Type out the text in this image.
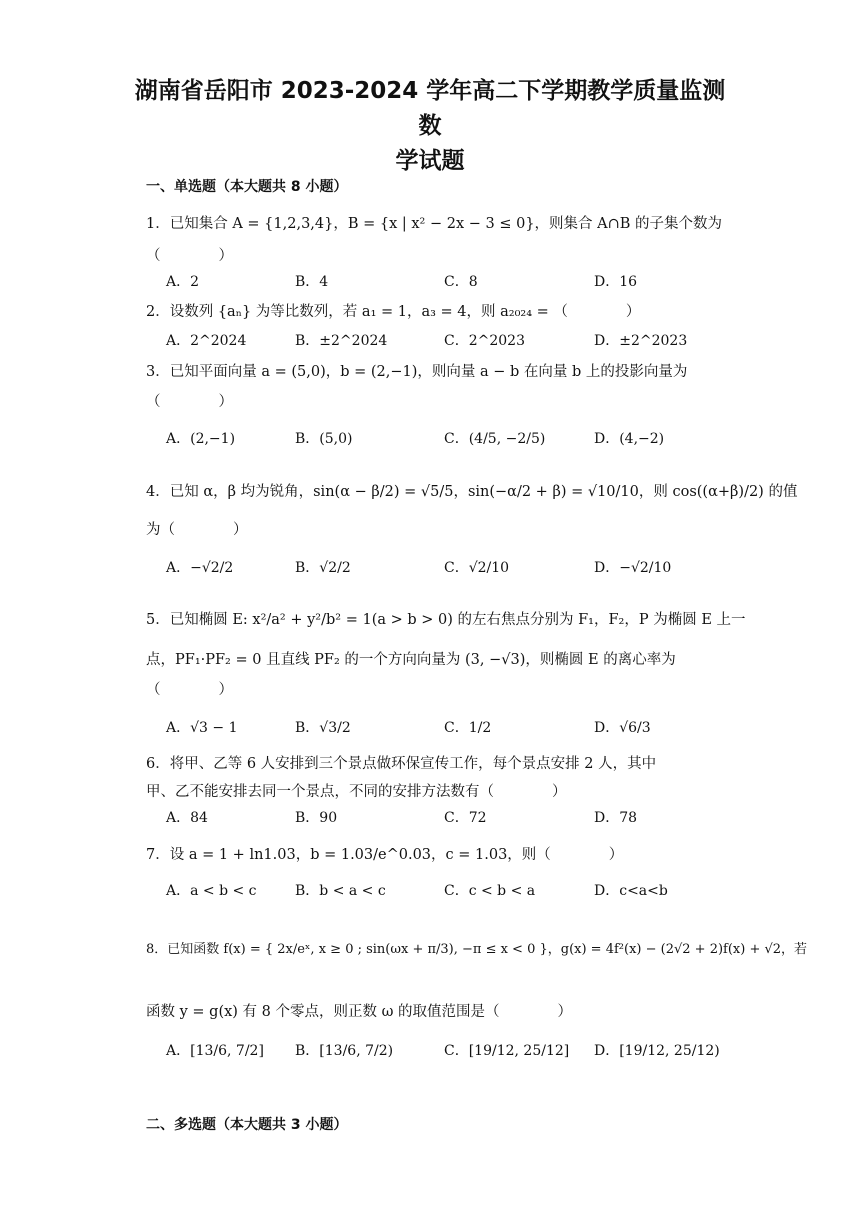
湖南省岳阳市 2023-2024 学年高二下学期教学质量监测数
学试题
一、单选题（本大题共 8 小题）
1．已知集合 A = {1,2,3,4}，B = {x | x² − 2x − 3 ≤ 0}，则集合 A∩B 的子集个数为
（　　　　）
A．2	B．4	C．8	D．16
2．设数列 {aₙ} 为等比数列，若 a₁ = 1，a₃ = 4，则 a₂₀₂₄ = （　　　　）
A．2^2024	B．±2^2024	C．2^2023	D．±2^2023
3．已知平面向量 a = (5,0)，b = (2,−1)，则向量 a − b 在向量 b 上的投影向量为
（　　　　）
A．(2,−1)	B．(5,0)	C．(4/5, −2/5)	D．(4,−2)
4．已知 α，β 均为锐角，sin(α − β/2) = √5/5，sin(−α/2 + β) = √10/10，则 cos((α+β)/2) 的值
为（　　　　）
A．−√2/2	B．√2/2	C．√2/10	D．−√2/10
5．已知椭圆 E: x²/a² + y²/b² = 1(a > b > 0) 的左右焦点分别为 F₁，F₂，P 为椭圆 E 上一
点，PF₁·PF₂ = 0 且直线 PF₂ 的一个方向向量为 (3, −√3)，则椭圆 E 的离心率为
（　　　　）
A．√3 − 1	B．√3/2	C．1/2	D．√6/3
6．将甲、乙等 6 人安排到三个景点做环保宣传工作，每个景点安排 2 人，其中
甲、乙不能安排去同一个景点，不同的安排方法数有（　　　　）
A．84	B．90	C．72	D．78
7．设 a = 1 + ln1.03，b = 1.03/e^0.03，c = 1.03，则（　　　　）
A．a < b < c	B．b < a < c	C．c < b < a	D．c<a<b
8．已知函数 f(x) = { 2x/eˣ, x ≥ 0 ; sin(ωx + π/3), −π ≤ x < 0 }，g(x) = 4f²(x) − (2√2 + 2)f(x) + √2，若
函数 y = g(x) 有 8 个零点，则正数 ω 的取值范围是（　　　　）
A．[13/6, 7/2] B．[13/6, 7/2)	C．[19/12, 25/12] D．[19/12, 25/12)
二、多选题（本大题共 3 小题）
